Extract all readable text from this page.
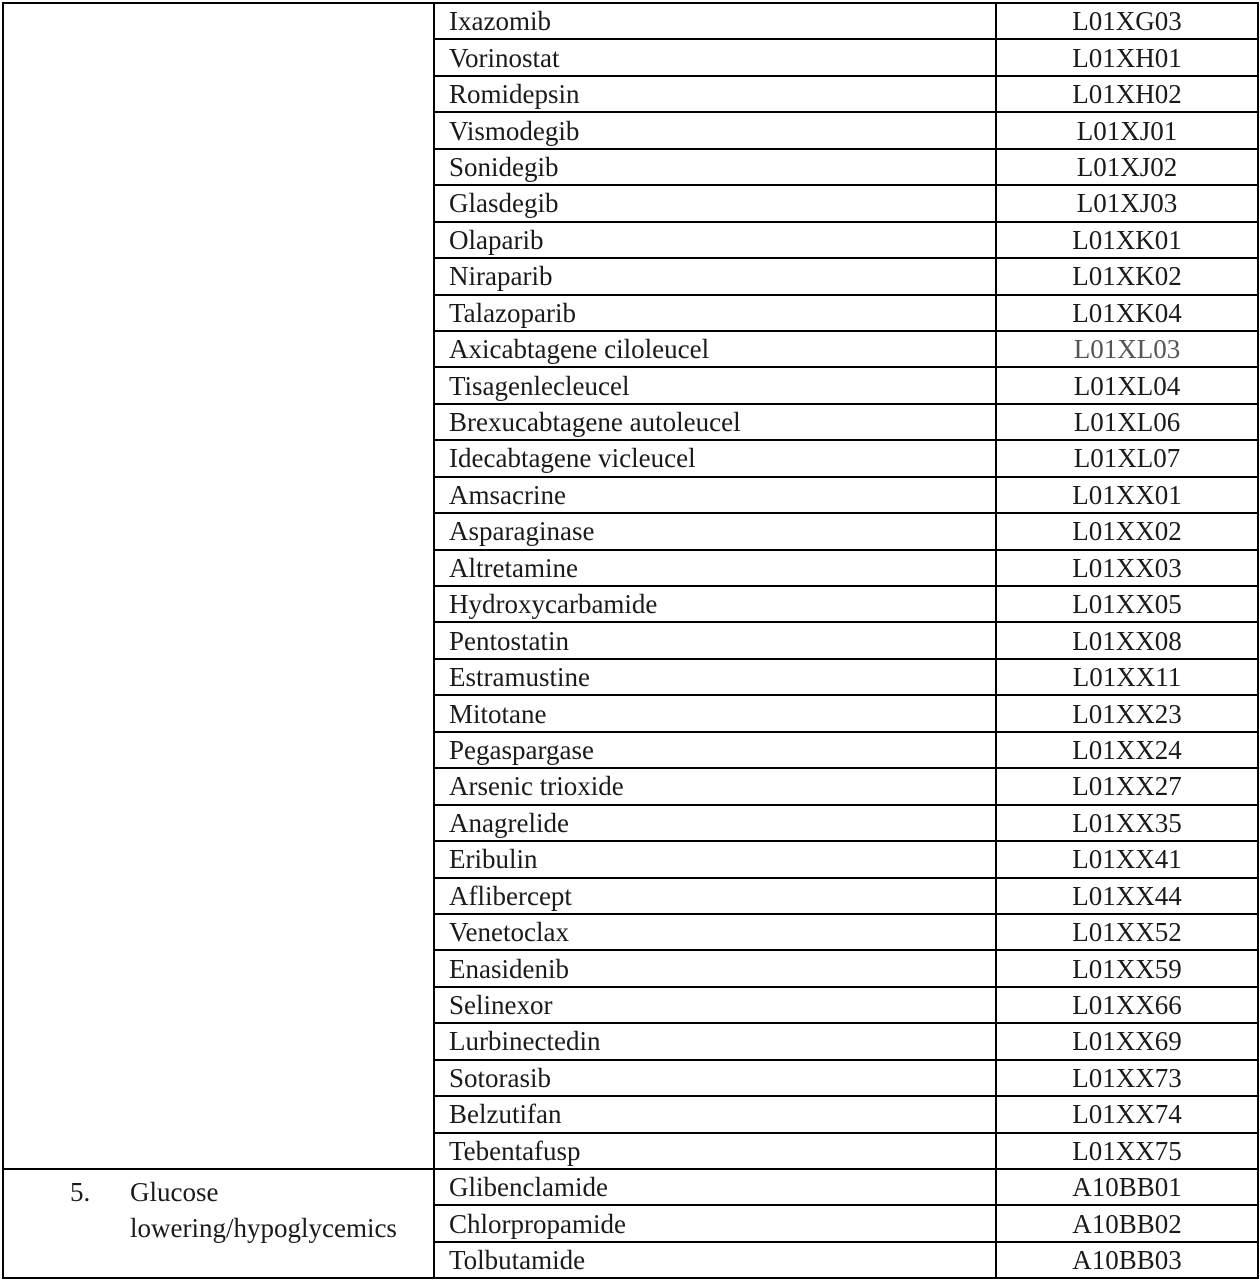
	Ixazomib	L01XG03
	Vorinostat	L01XH01
	Romidepsin	L01XH02
	Vismodegib	L01XJ01
	Sonidegib	L01XJ02
	Glasdegib	L01XJ03
	Olaparib	L01XK01
	Niraparib	L01XK02
	Talazoparib	L01XK04
	Axicabtagene ciloleucel	L01XL03
	Tisagenlecleucel	L01XL04
	Brexucabtagene autoleucel	L01XL06
	Idecabtagene vicleucel	L01XL07
	Amsacrine	L01XX01
	Asparaginase	L01XX02
	Altretamine	L01XX03
	Hydroxycarbamide	L01XX05
	Pentostatin	L01XX08
	Estramustine	L01XX11
	Mitotane	L01XX23
	Pegaspargase	L01XX24
	Arsenic trioxide	L01XX27
	Anagrelide	L01XX35
	Eribulin	L01XX41
	Aflibercept	L01XX44
	Venetoclax	L01XX52
	Enasidenib	L01XX59
	Selinexor	L01XX66
	Lurbinectedin	L01XX69
	Sotorasib	L01XX73
	Belzutifan	L01XX74
	Tebentafusp	L01XX75

5. Glucose lowering/hypoglycemics	Glibenclamide	A10BB01
	Chlorpropamide	A10BB02
	Tolbutamide	A10BB03
